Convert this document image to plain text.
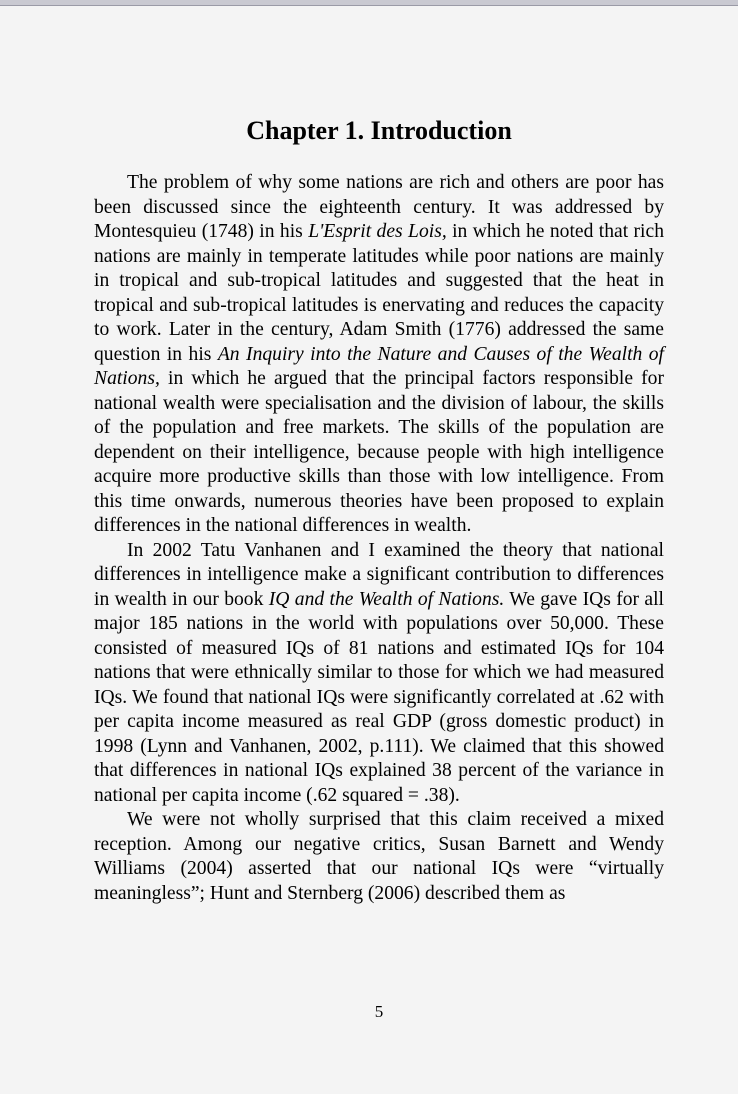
Chapter 1. Introduction

The problem of why some nations are rich and others are poor has been discussed since the eighteenth century. It was addressed by Montesquieu (1748) in his L'Esprit des Lois, in which he noted that rich nations are mainly in temperate latitudes while poor nations are mainly in tropical and sub-tropical latitudes and suggested that the heat in tropical and sub-tropical latitudes is enervating and reduces the capacity to work. Later in the century, Adam Smith (1776) addressed the same question in his An Inquiry into the Nature and Causes of the Wealth of Nations, in which he argued that the principal factors responsible for national wealth were specialisation and the division of labour, the skills of the population and free markets. The skills of the population are dependent on their intelligence, because people with high intelligence acquire more productive skills than those with low intelligence. From this time onwards, numerous theories have been proposed to explain differences in the national differences in wealth.

In 2002 Tatu Vanhanen and I examined the theory that national differences in intelligence make a significant contribution to differences in wealth in our book IQ and the Wealth of Nations. We gave IQs for all major 185 nations in the world with populations over 50,000. These consisted of measured IQs of 81 nations and estimated IQs for 104 nations that were ethnically similar to those for which we had measured IQs. We found that national IQs were significantly correlated at .62 with per capita income measured as real GDP (gross domestic product) in 1998 (Lynn and Vanhanen, 2002, p.111). We claimed that this showed that differences in national IQs explained 38 percent of the variance in national per capita income (.62 squared = .38).

We were not wholly surprised that this claim received a mixed reception. Among our negative critics, Susan Barnett and Wendy Williams (2004) asserted that our national IQs were “virtually meaningless”; Hunt and Sternberg (2006) described them as

5
